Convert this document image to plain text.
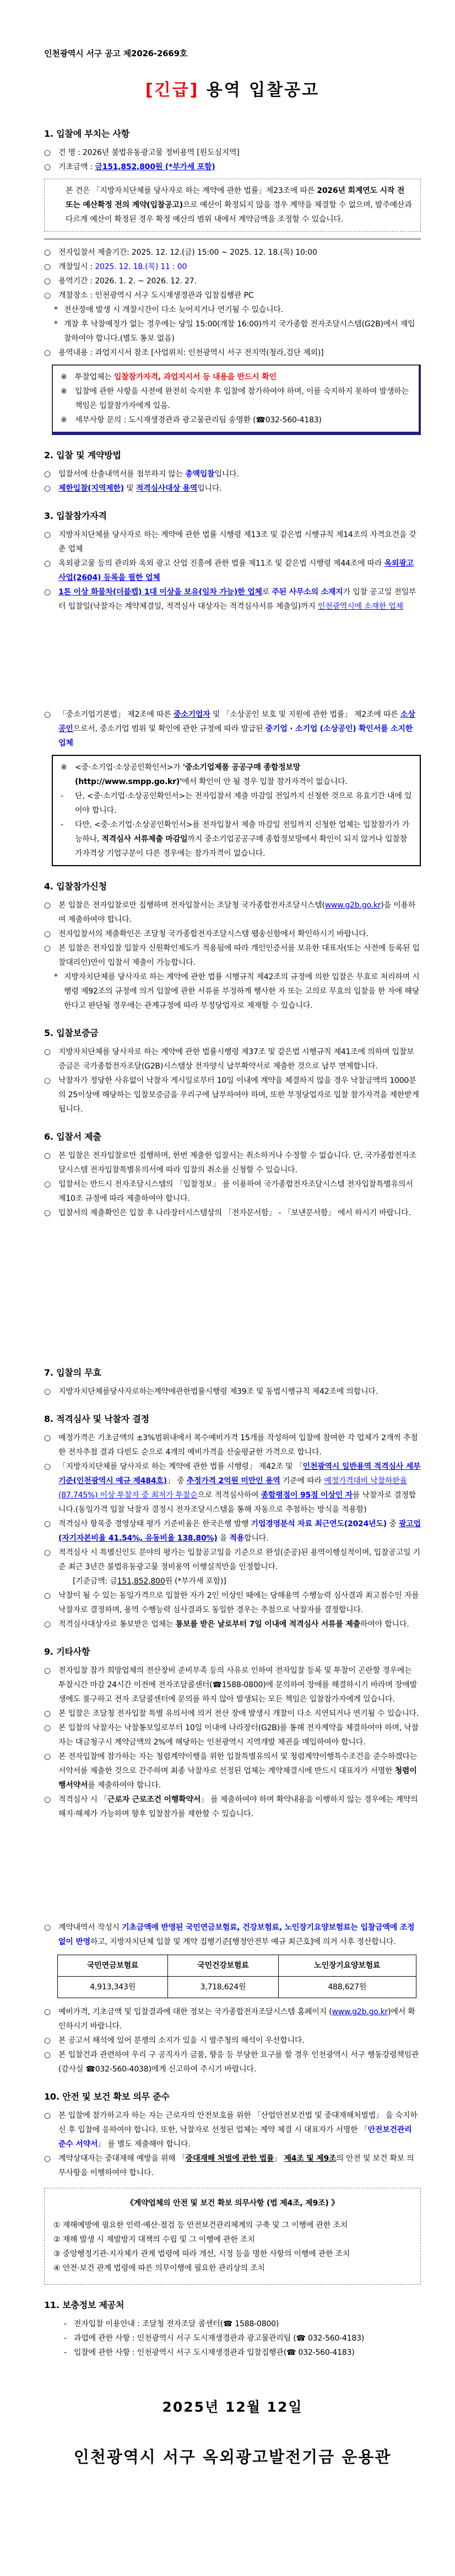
인천광역시 서구 공고 제2026-2669호
[긴급] 용역 입찰공고
1. 입찰에 부치는 사항
○ 건 명 : 2026년 불법유동광고물 정비용역 [원도심지역]
○ 기초금액 : 금151,852,800원 (*부가세 포함)
본 건은 「지방자치단체를 당사자로 하는 계약에 관한 법률」제23조에 따른 2026년 회계연도 시작 전 또는 예산확정 전의 계약(입찰공고)으로 예산이 확정되지 않을 경우 계약을 체결할 수 없으며, 발주예산과 다르게 예산이 확정된 경우 확정 예산의 범위 내에서 계약금액을 조정할 수 있습니다.
○ 전자입찰서 제출기간: 2025. 12. 12.(금) 15:00 ~ 2025. 12. 18.(목) 10:00
○ 개찰일시 : 2025. 12. 18.(목) 11 : 00
○ 용역기간 : 2026. 1. 2. ~ 2026. 12. 27.
○ 개찰장소 : 인천광역시 서구 도시재생경관과 입찰집행관 PC
* 전산장애 발생 시 개찰시간이 다소 늦어지거나 연기될 수 있습니다.
* 개찰 후 낙찰예정가 없는 경우에는 당일 15:00(개찰 16:00)까지 국가종합 전자조달시스템(G2B)에서 재입찰하여야 합니다.(별도 통보 없음)
○ 용역내용 : 과업지시서 참조 [사업위치: 인천광역시 서구 전지역(청라,검단 제외)]
※	투찰업체는 입찰참가자격, 과업지시서 등 내용을 반드시 확인
※	입찰에 관한 사항을 사전에 완전히 숙지한 후 입찰에 참가하여야 하며, 이를 숙지하지 못하여 발생하는 책임은 입찰참가자에게 있음.
※	세부사항 문의 : 도시재생경관과 광고물관리팀 송명환 (☎032-560-4183)
2. 입찰 및 계약방법
○ 입찰서에 산출내역서를 첨부하지 않는 총액입찰입니다.
○ 제한입찰(지역제한) 및 적격심사대상 용역입니다.
3. 입찰참가자격
○ 지방자치단체를 당사자로 하는 계약에 관한 법률 시행령 제13조 및 같은법 시행규칙 제14조의 자격요건을 갖춘 업체
○ 옥외광고물 등의 관리와 옥외 광고 산업 진흥에 관한 법률 제11조 및 같은법 시행령 제44조에 따라 옥외광고사업(2604) 등록을 필한 업체
○ 1톤 이상 화물차(더블캡) 1대 이상을 보유(임차 가능)한 업체로 주된 사무소의 소재지가 입찰 공고일 전일부터 입찰일(낙찰자는 계약체결일, 적격심사 대상자는 적격심사서류 제출일)까지 인천광역시에 소재한 업체
○ 「중소기업기본법」 제2조에 따른 중소기업자 및 「소상공인 보호 및 지원에 관한 법률」 제2조에 따른 소상공인으로서, 중소기업 범위 및 확인에 관한 규정에 따라 발급된 중기업 · 소기업 (소상공인) 확인서를 소지한 업체
※	<중·소기업·소상공인확인서>가 '중소기업제품 공공구매 종합정보망(http://www.smpp.go.kr)'에서 확인이 안 될 경우 입찰 참가자격이 없습니다.
-	단, <중·소기업·소상공인확인서>는 전자입찰서 제출 마감일 전일까지 신청한 것으로 유효기간 내에 있어야 합니다.
-	다만, <중·소기업·소상공인확인서>를 전자입찰서 제출 마감일 전일까지 신청한 업체는 입찰참가가 가능하나, 적격심사 서류제출 마감일까지 중소기업공공구매 종합정보망에서 확인이 되지 않거나 입찰참가자격상 기업구분이 다른 경우에는 참가자격이 없습니다.
4. 입찰참가신청
○ 본 입찰은 전자입찰로만 집행하며 전자입찰서는 조달청 국가종합전자조달시스템(www.g2b.go.kr)을 이용하여 제출하여야 합니다.
○ 전자입찰서의 제출확인은 조달청 국가종합전자조달시스템 웹송신함에서 확인하시기 바랍니다.
○ 본 입찰은 전자입찰 입찰자 신원확인제도가 적용됨에 따라 개인인증서를 보유한 대표자(또는 사전에 등록된 입찰대리인)만이 입찰서 제출이 가능합니다.
* 지방자치단체를 당사자로 하는 계약에 관한 법률 시행규칙 제42조의 규정에 의한 입찰은 무효로 처리하며 시행령 제92조의 규정에 의거 입찰에 관한 서류를 부정하게 행사한 자 또는 고의로 무효의 입찰을 한 자에 해당한다고 판단될 경우에는 관계규정에 따라 부정당업자로 제재할 수 있습니다.
5. 입찰보증금
○ 지방자치단체를 당사자로 하는 계약에 관한 법률시행령 제37조 및 같은법 시행규칙 제41조에 의하며 입찰보증금은 국가종합전자조달(G2B)시스템상 전자양식 납부확약서로 제출한 것으로 납부 면제합니다.
○ 낙찰자가 정당한 사유없이 낙찰자 게시일로부터 10일 이내에 계약을 체결하지 않을 경우 낙찰금액의 1000분의 25이상에 해당하는 입찰보증금을 우리구에 납부하여야 하며, 또한 부정당업자로 입찰 참가자격을 제한받게 됩니다.
6. 입찰서 제출
○ 본 입찰은 전자입찰로만 집행하며, 한번 제출한 입찰서는 취소하거나 수정할 수 없습니다. 단, 국가종합전자조달시스템 전자입찰특별유의서에 따라 입찰의 취소를 신청할 수 있습니다.
○ 입찰서는 반드시 전자조달시스템의 「입찰정보」 를 이용하여 국가종합전자조달시스템 전자입찰특별유의서 제10조 규정에 따라 제출하여야 합니다.
○ 입찰서의 제출확인은 입찰 후 나라장터시스템상의 「전자문서함」 - 「보낸문서함」 에서 하시기 바랍니다.
7. 입찰의 무효
○ 지방자치단체를당사자로하는계약에관한법률시행령 제39조 및 동법시행규칙 제42조에 의합니다.
8. 적격심사 및 낙찰자 결정
○ 예정가격은 기초금액의 ±3%범위내에서 복수예비가격 15개를 작성하여 입찰에 참여한 각 업체가 2개씩 추첨한 전자추첨 결과 다빈도 순으로 4개의 예비가격을 산술평균한 가격으로 합니다.
○ 「지방자치단체를 당사자로 하는 계약에 관한 법률 시행령」 제42조 및 「인천광역시 일반용역 적격심사 세부기준(인천광역시 예규 제484호)」 중 추정가격 2억원 미만인 용역 기준에 따라 예정가격대비 낙찰하한율(87.745%) 이상 투찰자 중 최저가 투찰순으로 적격심사하여 종합평점이 95점 이상인 자를 낙찰자로 결정합니다.(동일가격 입찰 낙찰자 결정시 전자조달시스템을 통해 자동으로 추첨하는 방식을 적용함)
○ 적격심사 항목중 경영상태 평가 기준비율은 한국은행 발행 기업경영분석 자료 최근연도(2024년도) 중 광고업(자기자본비율 41.54%, 유동비율 138.80%) 을 적용합니다.
○ 적격심사 시 특별신인도 분야의 평가는 입찰공고일을 기준으로 완성(준공)된 용역이행실적이며, 입찰공고일 기준 최근 3년간 불법유동광고물 정비용역 이행실적만을 인정합니다.
[기준금액: 금151,852,800원 (*부가세 포함)]
○ 낙찰이 될 수 있는 동일가격으로 입찰한 자가 2인 이상인 때에는 당해용역 수행능력 심사결과 최고점수인 자를 낙찰자로 결정하며, 용역 수행능력 심사결과도 동일한 경우는 추첨으로 낙찰자를 결정합니다.
○ 적격심사대상자로 통보받은 업체는 통보를 받은 날로부터 7일 이내에 적격심사 서류를 제출하여야 합니다.
9. 기타사항
○ 전자입찰 참가 희망업체의 전산장비 준비부족 등의 사유로 인하여 전자입찰 등록 및 투찰이 곤란할 경우에는 투찰시간 마감 24시간 이전에 전자조달콜센터(☎1588-0800)에 문의하여 장애를 해결하시기 바라며 장애발생에도 불구하고 전자 조달콜센터에 문의를 하지 않아 발생되는 모든 책임은 입찰참가자에게 있습니다.
○ 본 입찰은 조달청 전자입찰 특별 유의서에 의거 전산 장애 발생시 개찰이 다소 지연되거나 연기될 수 있습니다.
○ 본 입찰의 낙찰자는 낙찰통보일로부터 10일 이내에 나라장터(G2B)를 통해 전자계약을 체결하여야 하며, 낙찰자는 대금청구시 계약금액의 2%에 해당하는 인천광역시 지역개발 채권을 매입하여야 합니다.
○ 본 전자입찰에 참가하는 자는 청렴계약이행을 위한 입찰특별유의서 및 청렴계약이행특수조건을 준수하겠다는 서약서를 제출한 것으로 간주하며 최종 낙찰자로 선정된 업체는 계약체결시에 반드시 대표자가 서명한 청렴이행서약서를 제출하여야 합니다.
○ 적격심사 시 「근로자 근로조건 이행확약서」 를 제출하여야 하며 확약내용을 이행하지 않는 경우에는 계약의 해지·해제가 가능하며 향후 입찰참가를 제한할 수 있습니다.
○ 계약내역서 작성시 기초금액에 반영된 국민연금보험료, 건강보험료, 노인장기요양보험료는 입찰금액에 조정 없이 반영하고, 지방자치단체 입찰 및 계약 집행기준[행정안전부 예규 최근호]에 의거 사후 정산합니다.
국민연금보험료	국민건강보험료	노인장기요양보험료
4,913,343원	3,718,624원	488,627원
○ 예비가격, 기초금액 및 입찰결과에 대한 정보는 국가종합전자조달시스템 홈페이지 (www.g2b.go.kr)에서 확인하시기 바랍니다.
○ 본 공고서 해석에 있어 분쟁의 소지가 있을 시 발주청의 해석이 우선합니다.
○ 본 입찰건과 관련하여 우리 구 공직자가 금품, 향응 등 부당한 요구를 할 경우 인천광역시 서구 행동강령책임관(감사실 ☎032-560-4038)에게 신고하여 주시기 바랍니다.
10. 안전 및 보건 확보 의무 준수
○ 본 입찰에 참가하고자 하는 자는 근로자의 안전보호를 위한 「산업안전보건법 및 중대재해처벌법」 을 숙지하신 후 입찰에 응하여야 합니다. 또한, 낙찰자로 선정된 업체는 계약 체결 시 대표자가 서명한 「안전보건관리 준수 서약서」 를 별도 제출해야 합니다.
○ 계약상대자는 중대재해 예방을 위해 「중대재해 처벌에 관한 법률」 제4조 및 제9조의 안전 및 보건 확보 의무사항을 이행하여야 합니다.
《계약업체의 안전 및 보건 확보 의무사항 (법 제4조, 제9조) 》
① 재해예방에 필요한 인력·예산·점검 등 안전보건관리체계의 구축 및 그 이행에 관한 조치
② 재해 발생 시 재발방지 대책의 수립 및 그 이행에 관한 조치
③ 중앙행정기관·지자체가 관계 법령에 따라 개선, 시정 등을 명한 사항의 이행에 관한 조치
④ 안전·보건 관계 법령에 따른 의무이행에 필요한 관리상의 조치
11. 보충정보 제공처
- 전자입찰 이용안내 : 조달청 전자조달 콜센터(☎ 1588-0800)
- 과업에 관한 사항 : 인천광역시 서구 도시재생경관과 광고물관리팀 (☎ 032-560-4183)
- 입찰에 관한 사항 : 인천광역시 서구 도시재생경관과 입찰집행관(☎ 032-560-4183)
2025년 12월 12일
인천광역시 서구 옥외광고발전기금 운용관
